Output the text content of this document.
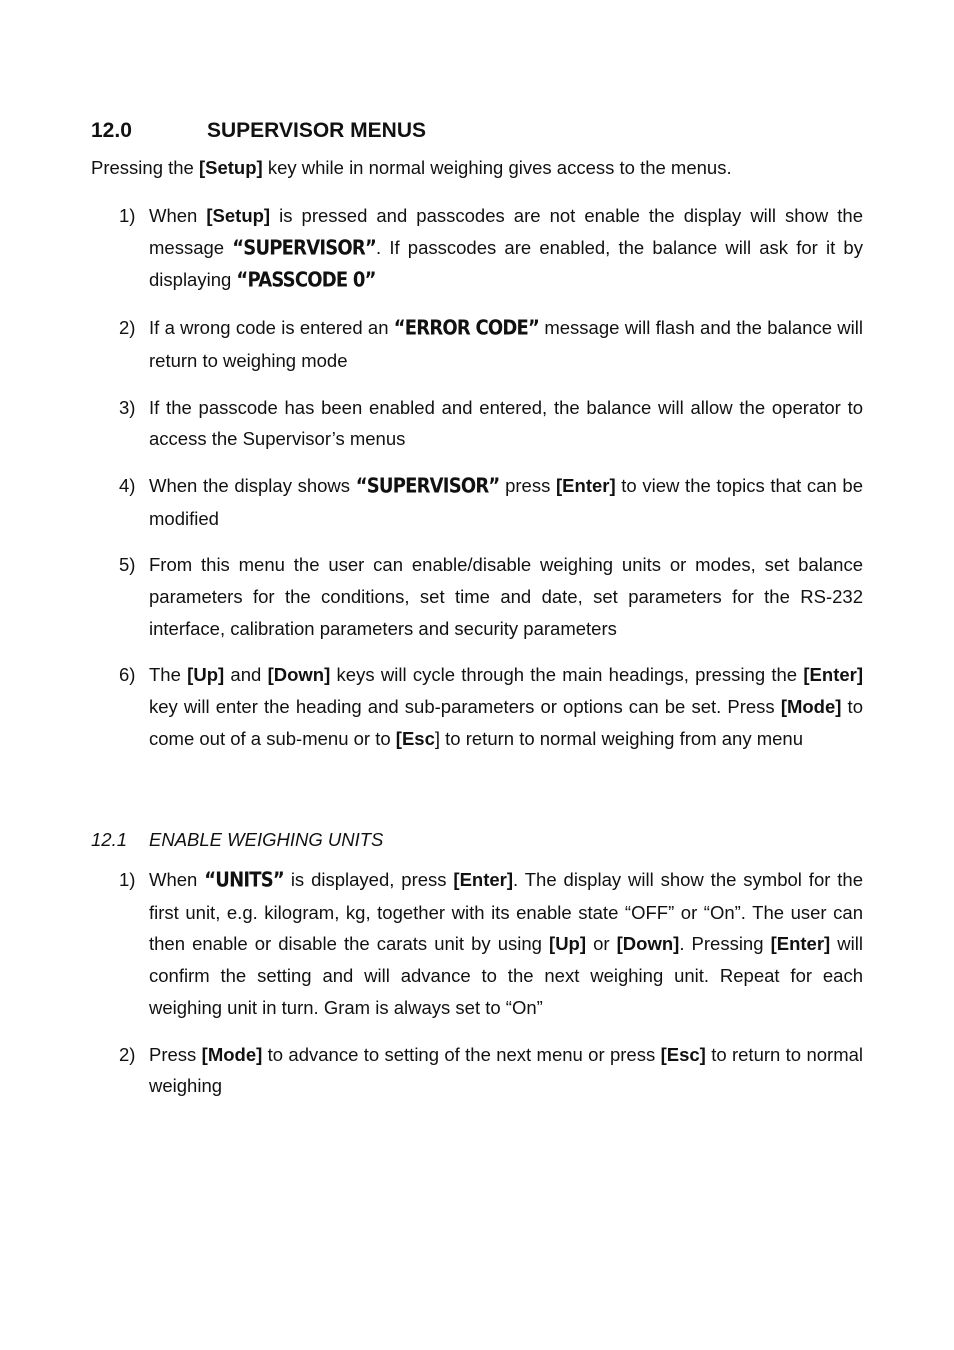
12.0	SUPERVISOR MENUS

Pressing the [Setup] key while in normal weighing gives access to the menus.

1) When [Setup] is pressed and passcodes are not enable the display will show the message “SUPERVISOR”. If passcodes are enabled, the balance will ask for it by displaying “PASSCODE 0”
2) If a wrong code is entered an “ERROR CODE” message will flash and the balance will return to weighing mode
3) If the passcode has been enabled and entered, the balance will allow the operator to access the Supervisor’s menus
4) When the display shows “SUPERVISOR” press [Enter] to view the topics that can be modified
5) From this menu the user can enable/disable weighing units or modes, set balance parameters for the conditions, set time and date, set parameters for the RS-232 interface, calibration parameters and security parameters
6) The [Up] and [Down] keys will cycle through the main headings, pressing the [Enter] key will enter the heading and sub-parameters or options can be set. Press [Mode] to come out of a sub-menu or to [Esc] to return to normal weighing from any menu
12.1 ENABLE WEIGHING UNITS
1) When “UNITS” is displayed, press [Enter]. The display will show the symbol for the first unit, e.g. kilogram, kg, together with its enable state “OFF” or “On”. The user can then enable or disable the carats unit by using [Up] or [Down]. Pressing [Enter] will confirm the setting and will advance to the next weighing unit. Repeat for each weighing unit in turn. Gram is always set to “On”
2) Press [Mode] to advance to setting of the next menu or press [Esc] to return to normal weighing
